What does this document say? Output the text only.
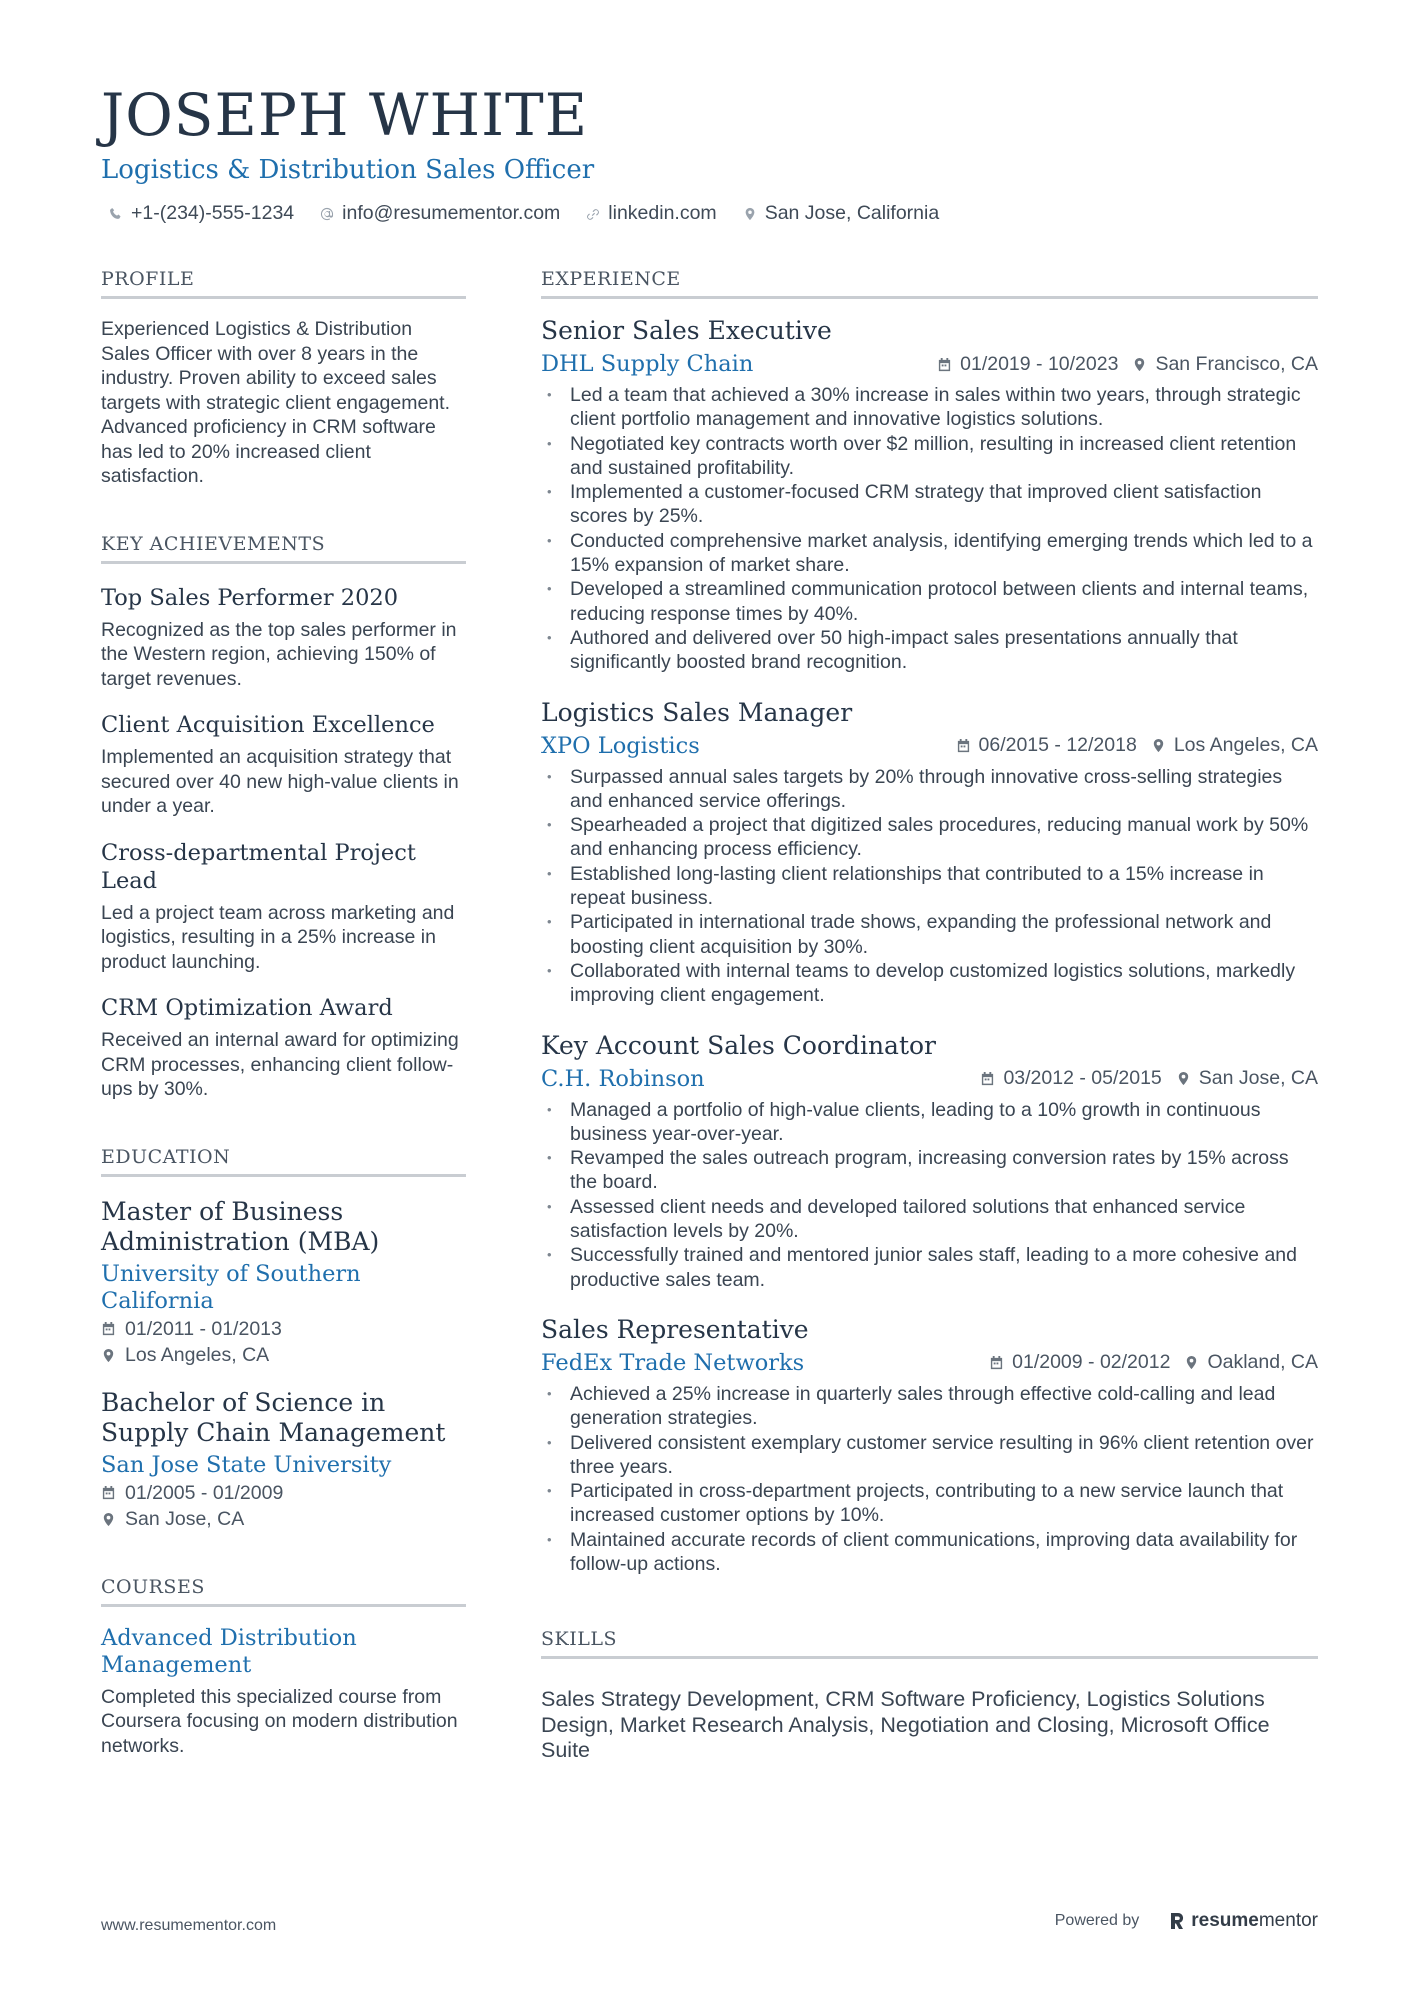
JOSEPH WHITE
Logistics & Distribution Sales Officer
+1-(234)-555-1234 info@resumementor.com linkedin.com San Jose, California
PROFILE

Experienced Logistics & Distribution Sales Officer with over 8 years in the industry. Proven ability to exceed sales targets with strategic client engagement. Advanced proficiency in CRM software has led to 20% increased client satisfaction.

KEY ACHIEVEMENTS
Top Sales Performer 2020

Recognized as the top sales performer in the Western region, achieving 150% of target revenues.

Client Acquisition Excellence

Implemented an acquisition strategy that secured over 40 new high-value clients in under a year.

Cross-departmental Project Lead

Led a project team across marketing and logistics, resulting in a 25% increase in product launching.

CRM Optimization Award

Received an internal award for optimizing CRM processes, enhancing client follow-ups by 30%.

EDUCATION
Master of Business Administration (MBA)
University of Southern California
01/2011 - 01/2013
Los Angeles, CA
Bachelor of Science in Supply Chain Management
San Jose State University
01/2005 - 01/2009
San Jose, CA
COURSES
Advanced Distribution Management

Completed this specialized course from Coursera focusing on modern distribution networks.

EXPERIENCE
Senior Sales Executive
DHL Supply Chain	01/2019 - 10/2023 San Francisco, CA
• Led a team that achieved a 30% increase in sales within two years, through strategic client portfolio management and innovative logistics solutions.
• Negotiated key contracts worth over $2 million, resulting in increased client retention and sustained profitability.
• Implemented a customer-focused CRM strategy that improved client satisfaction scores by 25%.
• Conducted comprehensive market analysis, identifying emerging trends which led to a 15% expansion of market share.
• Developed a streamlined communication protocol between clients and internal teams, reducing response times by 40%.
• Authored and delivered over 50 high-impact sales presentations annually that significantly boosted brand recognition.
Logistics Sales Manager
XPO Logistics	06/2015 - 12/2018 Los Angeles, CA
• Surpassed annual sales targets by 20% through innovative cross-selling strategies and enhanced service offerings.
• Spearheaded a project that digitized sales procedures, reducing manual work by 50% and enhancing process efficiency.
• Established long-lasting client relationships that contributed to a 15% increase in repeat business.
• Participated in international trade shows, expanding the professional network and boosting client acquisition by 30%.
• Collaborated with internal teams to develop customized logistics solutions, markedly improving client engagement.
Key Account Sales Coordinator
C.H. Robinson	03/2012 - 05/2015 San Jose, CA
• Managed a portfolio of high-value clients, leading to a 10% growth in continuous business year-over-year.
• Revamped the sales outreach program, increasing conversion rates by 15% across the board.
• Assessed client needs and developed tailored solutions that enhanced service satisfaction levels by 20%.
• Successfully trained and mentored junior sales staff, leading to a more cohesive and productive sales team.
Sales Representative
FedEx Trade Networks	01/2009 - 02/2012 Oakland, CA
• Achieved a 25% increase in quarterly sales through effective cold-calling and lead generation strategies.
• Delivered consistent exemplary customer service resulting in 96% client retention over three years.
• Participated in cross-department projects, contributing to a new service launch that increased customer options by 10%.
• Maintained accurate records of client communications, improving data availability for follow-up actions.
SKILLS
Sales Strategy Development, CRM Software Proficiency, Logistics Solutions Design, Market Research Analysis, Negotiation and Closing, Microsoft Office Suite
www.resumementor.com	Powered by	resumementor
